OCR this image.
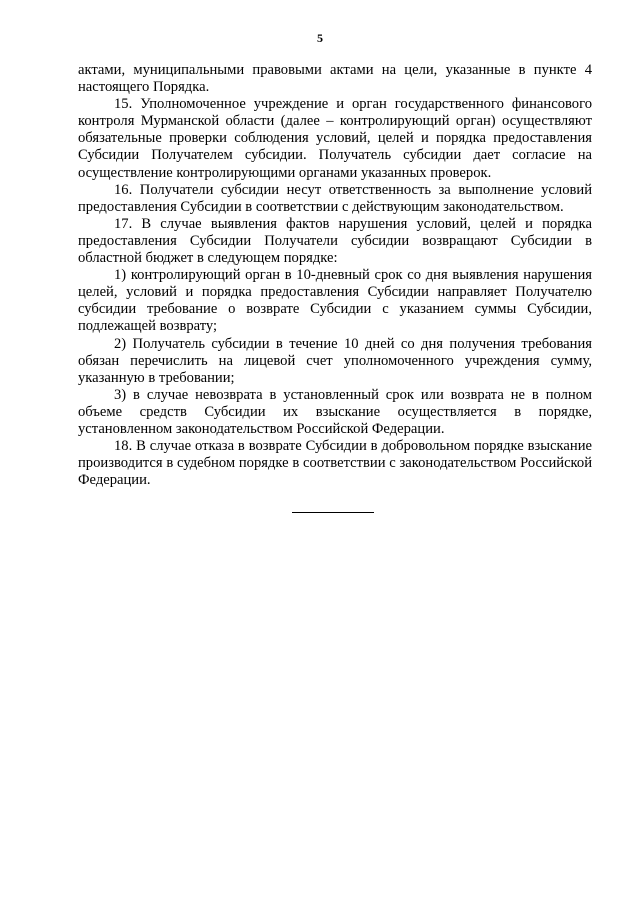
5

актами, муниципальными правовыми актами на цели, указанные в пункте 4 настоящего Порядка.

15. Уполномоченное учреждение и орган государственного финансового контроля Мурманской области (далее – контролирующий орган) осуществляют обязательные проверки соблюдения условий, целей и порядка предоставления Субсидии Получателем субсидии. Получатель субсидии дает согласие на осуществление контролирующими органами указанных проверок.

16. Получатели субсидии несут ответственность за выполнение условий предоставления Субсидии в соответствии с действующим законодательством.

17. В случае выявления фактов нарушения условий, целей и порядка предоставления Субсидии Получатели субсидии возвращают Субсидии в областной бюджет в следующем порядке:

1) контролирующий орган в 10-дневный срок со дня выявления нарушения целей, условий и порядка предоставления Субсидии направляет Получателю субсидии требование о возврате Субсидии с указанием суммы Субсидии, подлежащей возврату;

2) Получатель субсидии в течение 10 дней со дня получения требования обязан перечислить на лицевой счет уполномоченного учреждения сумму, указанную в требовании;

3) в случае невозврата в установленный срок или возврата не в полном объеме средств Субсидии их взыскание осуществляется в порядке, установленном законодательством Российской Федерации.

18. В случае отказа в возврате Субсидии в добровольном порядке взыскание производится в судебном порядке в соответствии с законодательством Российской Федерации.
